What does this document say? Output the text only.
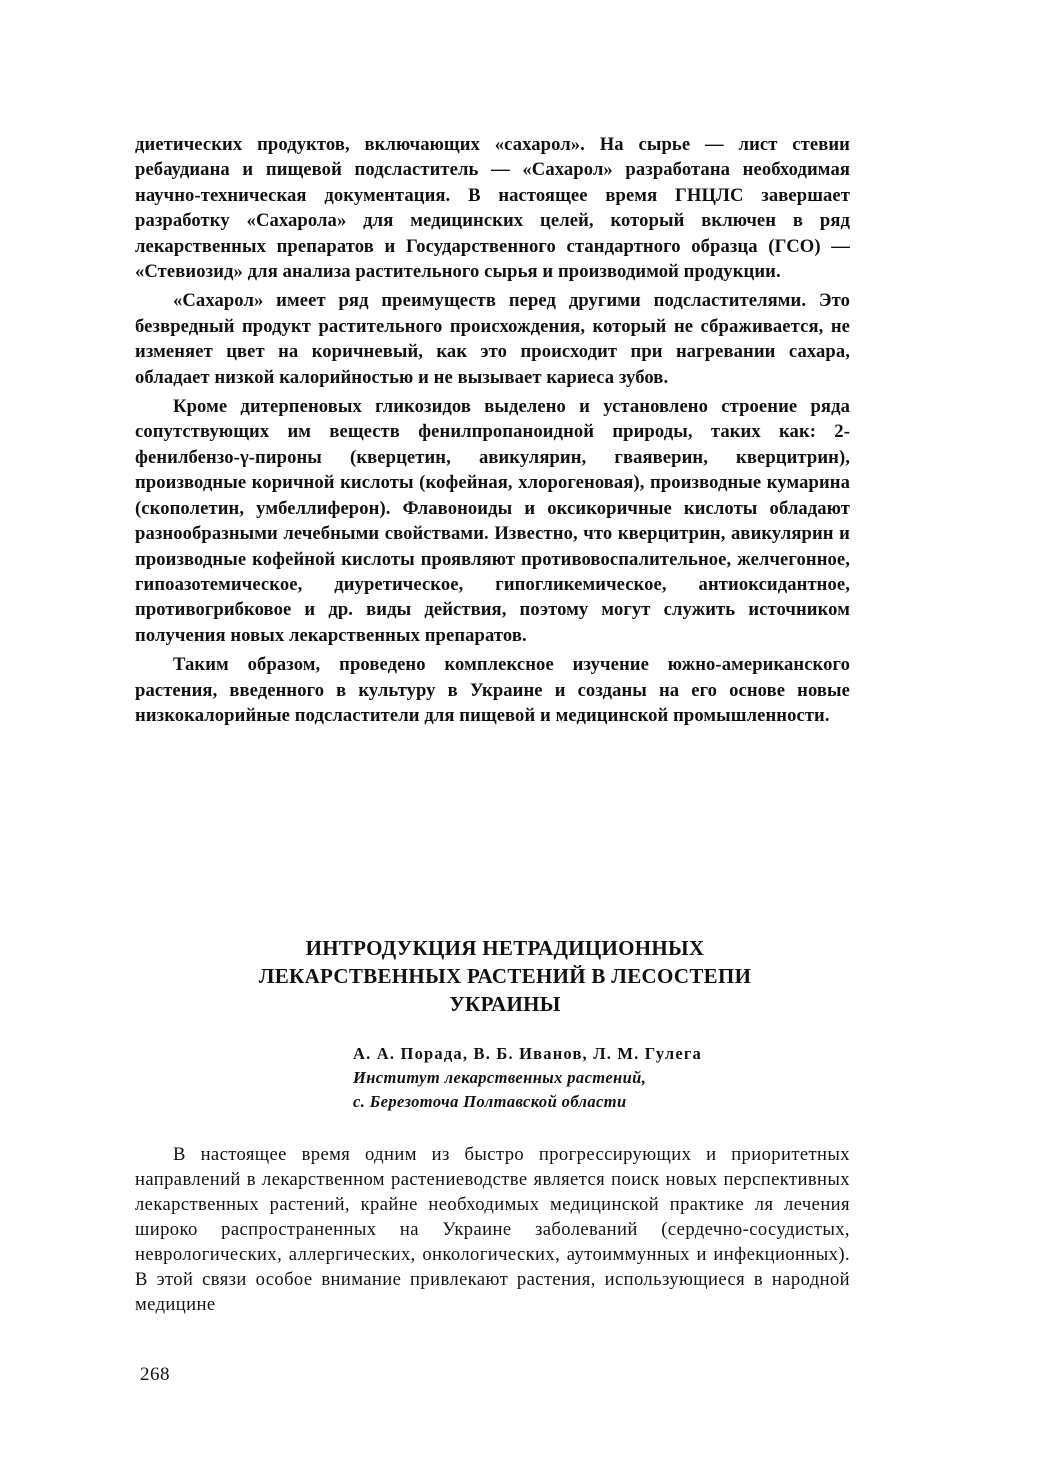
диетических продуктов, включающих «сахарол». На сырье — лист стевии ребаудиана и пищевой подсластитель — «Сахарол» разработана необходимая научно-техническая документация. В настоящее время ГНЦЛС завершает разработку «Сахарола» для медицинских целей, который включен в ряд лекарственных препаратов и Государственного стандартного образца (ГСО) — «Стевиозид» для анализа растительного сырья и производимой продукции.

«Сахарол» имеет ряд преимуществ перед другими подсластителями. Это безвредный продукт растительного происхождения, который не сбраживается, не изменяет цвет на коричневый, как это происходит при нагревании сахара, обладает низкой калорийностью и не вызывает кариеса зубов.

Кроме дитерпеновых гликозидов выделено и установлено строение ряда сопутствующих им веществ фенилпропаноидной природы, таких как: 2-фенилбензо-γ-пироны (кверцетин, авикулярин, гваяверин, кверцитрин), производные коричной кислоты (кофейная, хлорогеновая), производные кумарина (скополетин, умбеллиферон). Флавоноиды и оксикоричные кислоты обладают разнообразными лечебными свойствами. Известно, что кверцитрин, авикулярин и производные кофейной кислоты проявляют противовоспалительное, желчегонное, гипоазотемическое, диуретическое, гипогликемическое, антиоксидантное, противогрибковое и др. виды действия, поэтому могут служить источником получения новых лекарственных препаратов.

Таким образом, проведено комплексное изучение южно-американского растения, введенного в культуру в Украине и созданы на его основе новые низкокалорийные подсластители для пищевой и медицинской промышленности.

ИНТРОДУКЦИЯ НЕТРАДИЦИОННЫХ
ЛЕКАРСТВЕННЫХ РАСТЕНИЙ В ЛЕСОСТЕПИ
УКРАИНЫ
А. А. Порада, В. Б. Иванов, Л. М. Гулега
Институт лекарственных растений,
с. Березоточа Полтавской области

В настоящее время одним из быстро прогрессирующих и приоритетных направлений в лекарственном растениеводстве является поиск новых перспективных лекарственных растений, крайне необходимых медицинской практике ля лечения широко распространенных на Украине заболеваний (сердечно-сосудистых, неврологических, аллергических, онкологических, аутоиммунных и инфекционных). В этой связи особое внимание привлекают растения, использующиеся в народной медицине

268
